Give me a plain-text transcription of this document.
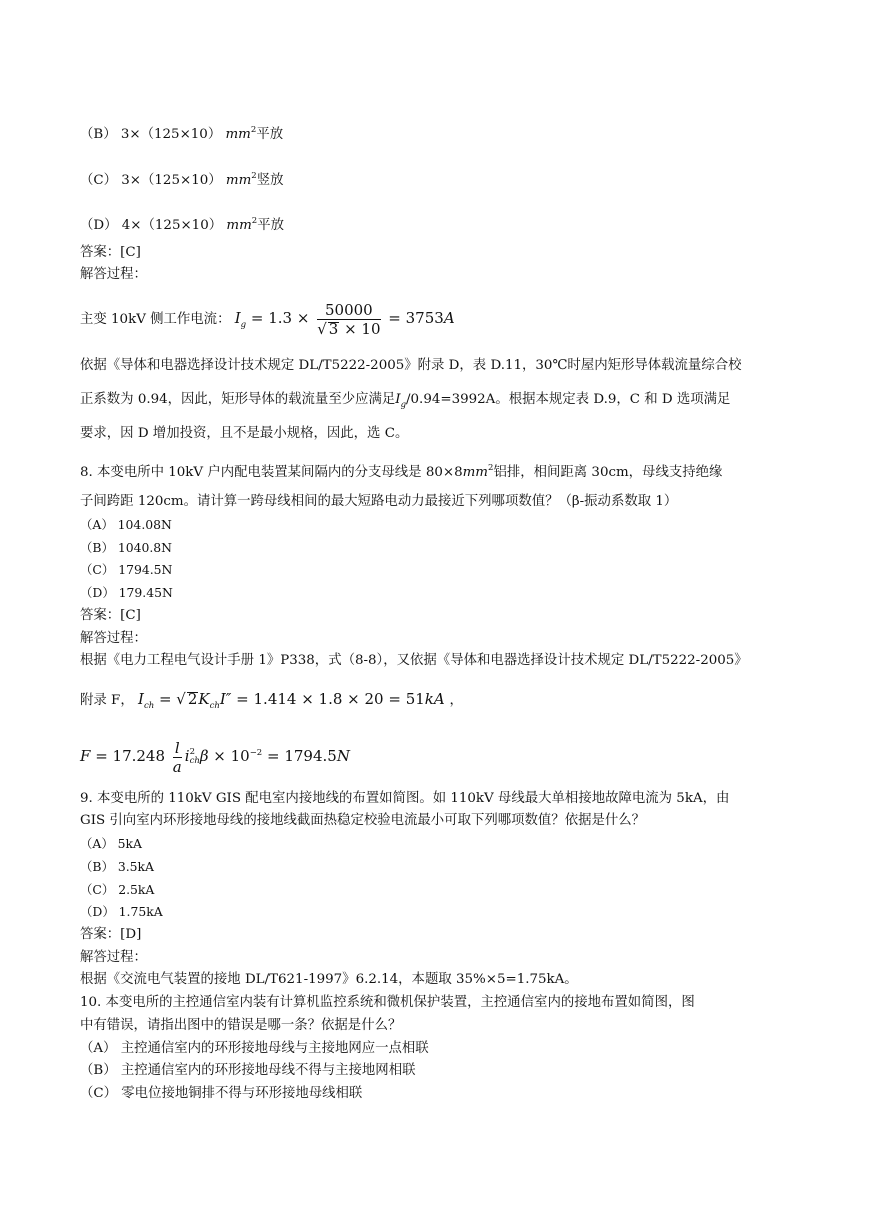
（B） 3×（125×10） $mm^2$平放
（C） 3×（125×10） $mm^2$竖放
（D） 4×（125×10） $mm^2$平放
答案：[C]
解答过程：
主变 10kV 侧工作电流： $I_g = 1.3 \times \frac{50000}{√ 3 \times 10} = 3753A$
依据《导体和电器选择设计技术规定 DL/T5222-2005》附录 D，表 D.11，30℃时屋内矩形导体载流量综合校
正系数为 0.94，因此，矩形导体的载流量至少应满足$I_g/0.94=3992A$。根据本规定表 D.9，C 和 D 选项满足
要求，因 D 增加投资，且不是最小规格，因此，选 C。
8. 本变电所中 10kV 户内配电装置某间隔内的分支母线是 $80\times 8mm^2$铝排，相间距离 30cm，母线支持绝缘
子间跨距 120cm。请计算一跨母线相间的最大短路电动力最接近下列哪项数值？（β-振动系数取 1）
（A） 104.08N
（B） 1040.8N
（C） 1794.5N
（D） 179.45N
答案：[C]
解答过程：
根据《电力工程电气设计手册 1》P338，式（8-8），又依据《导体和电器选择设计技术规定 DL/T5222-2005》
附录 F， $I_{ch}$ = √ $2K_{ch}I'' = 1.414 \times 1.8 \times 20 = 51kA$ ，
$F = 17.248 \frac{l}{a}$ i 2
ch $\beta \times 10^{-2} = 1794.5N$
9. 本变电所的 110kV GIS 配电室内接地线的布置如简图。如 110kV 母线最大单相接地故障电流为 5kA，由
GIS 引向室内环形接地母线的接地线截面热稳定校验电流最小可取下列哪项数值？依据是什么？
（A） 5kA
（B） 3.5kA
（C） 2.5kA
（D） 1.75kA
答案：[D]
解答过程：
根据《交流电气装置的接地 DL/T621-1997》6.2.14，本题取 35%×5=1.75kA。
10. 本变电所的主控通信室内装有计算机监控系统和微机保护装置，主控通信室内的接地布置如简图，图
中有错误，请指出图中的错误是哪一条？依据是什么？
（A） 主控通信室内的环形接地母线与主接地网应一点相联
（B） 主控通信室内的环形接地母线不得与主接地网相联
（C） 零电位接地铜排不得与环形接地母线相联
